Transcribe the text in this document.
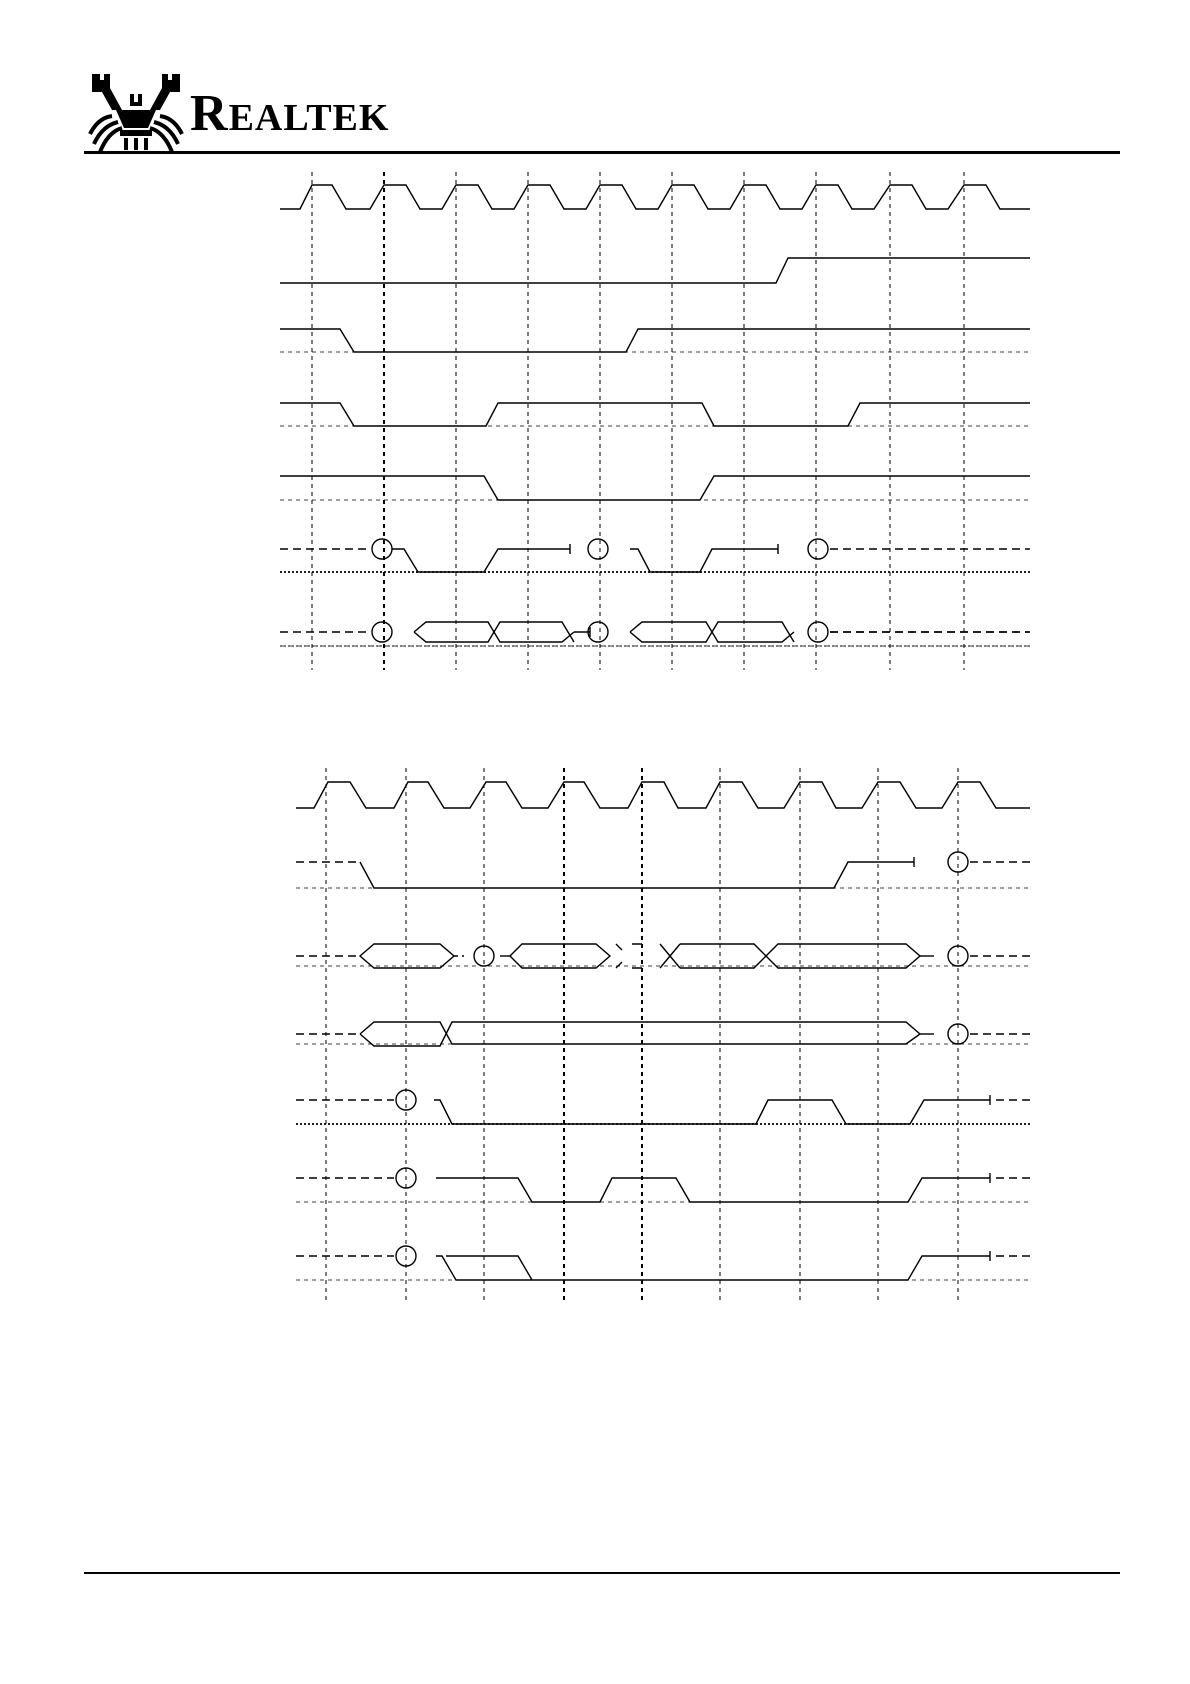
REALTEK
